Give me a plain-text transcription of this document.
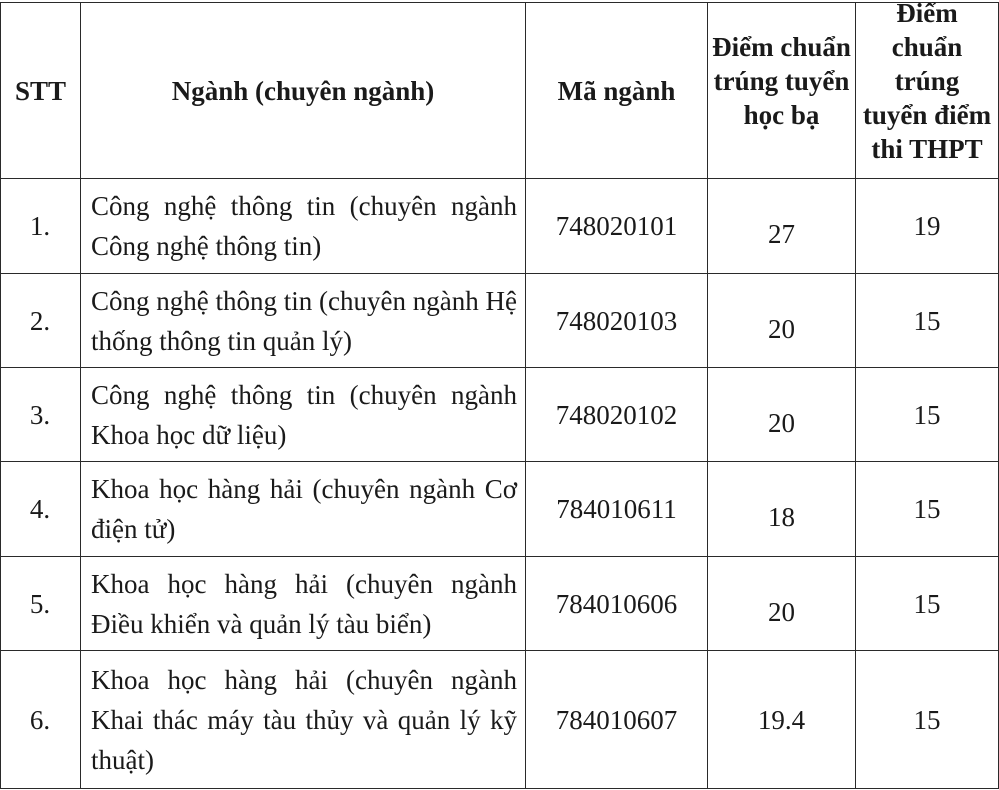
STT	Ngành (chuyên ngành)	Mã ngành	Điểm chuẩn trúng tuyển học bạ	Điểm chuẩn trúng tuyển điểm thi THPT
1.	Công nghệ thông tin (chuyên ngành Công nghệ thông tin)	748020101	27	19
2.	Công nghệ thông tin (chuyên ngành Hệ thống thông tin quản lý)	748020103	20	15
3.	Công nghệ thông tin (chuyên ngành Khoa học dữ liệu)	748020102	20	15
4.	Khoa học hàng hải (chuyên ngành Cơ điện tử)	784010611	18	15
5.	Khoa học hàng hải (chuyên ngành Điều khiển và quản lý tàu biển)	784010606	20	15
6.	Khoa học hàng hải (chuyên ngành Khai thác máy tàu thủy và quản lý kỹ thuật)	784010607	19.4	15
